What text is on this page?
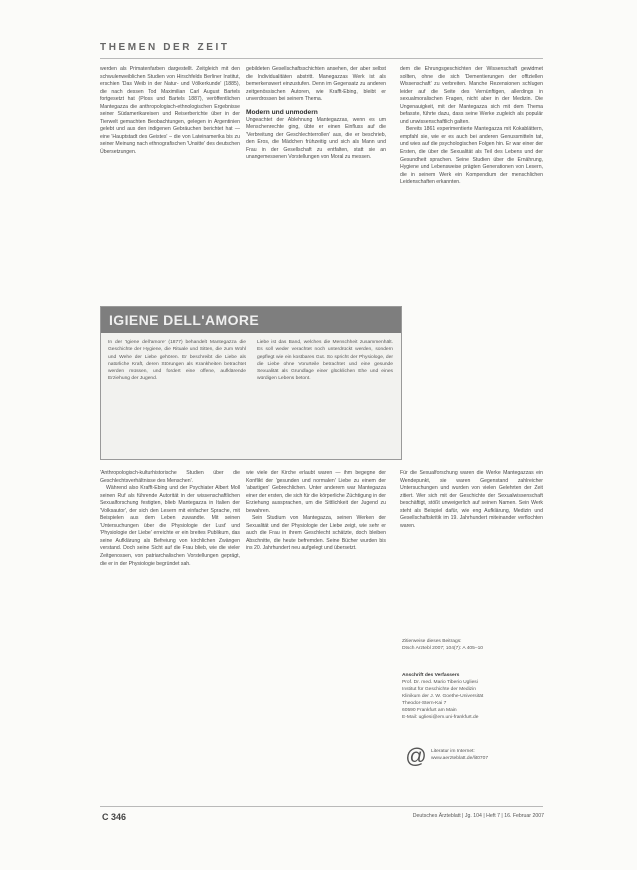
THEMEN DER ZEIT

werden als Primatenfarben dargestellt. Zeitgleich mit den schwulenweiblichen Studien von Hirschfelds Berliner Institut, erschien 'Das Weib in der Natur- und Völkerkunde' (1885), die nach dessen Tod Maximilian Carl August Bartels fortgesetzt hat (Ploss und Bartels 1887), veröffentlichen Mantegazza die anthropologisch-ethnologischen Ergebnisse seiner Südamerikareisen und Reiserberichte über in der Tierwelt gemachten Beobachtungen, gelegen in Argentinien gelebt und aus den indigenen Gebräuchen berichtet hat — eine 'Hauptstadt des Geistes' – die von Lateinamerika bis zu seiner Meinung nach ethnografischen 'Unsitte' des deutschen Übersetzungen.

gebildeten Gesellschaftsschichten ansehen, der aber selbst die Individualitäten abstritt. Manegazzas Werk ist als bemerkenswert einzustufen. Denn im Gegensatz zu anderen zeitgenössischen Autoren, wie Krafft-Ebing, bleibt er unverdrossen bei seinem Thema.

Modern und unmodern

Ungeachtet der Ablehnung Mantegazzas, wenn es um Menschenrechte ging, übte er einen Einfluss auf die 'Verbreitung der Geschlechterrollen' aus, die er beschrieb, den Eros, die Mädchen frühzeitig und sich als Mann und Frau in der Gesellschaft zu entfalten, statt sie an unangemessenen Vorstellungen von Moral zu messen.

dem die Ehrungsgeschichten der Wissenschaft gewidmet sollten, ohne die sich 'Dementierungen der offiziellen Wissenschaft' zu verbreiten. Manche Rezensionen schlugen leider auf die Seite des Vernünftigen, allerdings in sexualmoralischen Fragen, nicht aber in der Medizin. Die Ungenauigkeit, mit der Mantegazza sich mit dem Thema befasste, führte dazu, dass seine Werke zugleich als populär und unwissenschaftlich galten.

Bereits 1861 experimentierte Mantegazza mit Kokablättern, empfahl sie, wie er es auch bei anderen Genussmitteln tat, und wies auf die psychologischen Folgen hin. Er war einer der Ersten, die über die Sexualität als Teil des Lebens und der Gesundheit sprachen. Seine Studien über die Ernährung, Hygiene und Lebensweise prägten Generationen von Lesern, die in seinem Werk ein Kompendium der menschlichen Leidenschaften erkannten.

IGIENE DELL'AMORE
In der 'Igiene dell'amore' (1877) behandelt Mantegazza die Geschichte der Hygiene, die Rituale und Sitten, die zum Wohl und Wehe der Liebe gehören. Er beschreibt die Liebe als natürliche Kraft, deren Störungen als Krankheiten betrachtet werden müssen, und fordert eine offene, aufklärende Erziehung der Jugend.
Liebe ist das Band, welches die Menschheit zusammenhält. Es soll weder verachtet noch unterdrückt werden, sondern gepflegt wie ein kostbares Gut. So spricht der Physiologe, der die Liebe ohne Vorurteile betrachtet und eine gesunde Sexualität als Grundlage einer glücklichen Ehe und eines würdigen Lebens betont.

'Anthropologisch-kulturhistorische Studien über die Geschlechtsverhältnisse des Menschen'.

Während also Krafft-Ebing und der Psychiater Albert Moll seinen Ruf als führende Autorität in der wissenschaftlichen Sexualforschung festigten, blieb Mantegazza in Italien der 'Volksautor', der sich den Lesern mit einfacher Sprache, mit Beispielen aus dem Leben zuwandte. Mit seinen 'Untersuchungen über die Physiologie der Lust' und 'Physiologie der Liebe' erreichte er ein breites Publikum, das seine Aufklärung als Befreiung von kirchlichen Zwängen verstand. Doch seine Sicht auf die Frau blieb, wie die vieler Zeitgenossen, von patriarchalischen Vorstellungen geprägt, die er in der Physiologie begründet sah.

wie viele der Kirche erlaubt waren — ihm begegne der Konflikt der 'gesunden und normalen' Liebe zu einem der 'abartigen' Gebrechlichen. Unter anderem war Mantegazza einer der ersten, die sich für die körperliche Züchtigung in der Erziehung aussprachen, um die Sittlichkeit der Jugend zu bewahren.

Sein Studium von Mantegazza, seinen Werken der Sexualität und der Physiologie der Liebe zeigt, wie sehr er auch die Frau in ihrem Geschlecht schätzte, doch bleiben Abschnitte, die heute befremden. Seine Bücher wurden bis ins 20. Jahrhundert neu aufgelegt und übersetzt.

Für die Sexualforschung waren die Werke Mantegazzas ein Wendepunkt, sie waren Gegenstand zahlreicher Untersuchungen und wurden von vielen Gelehrten der Zeit zitiert. Wer sich mit der Geschichte der Sexualwissenschaft beschäftigt, stößt unweigerlich auf seinen Namen. Sein Werk steht als Beispiel dafür, wie eng Aufklärung, Medizin und Gesellschaftskritik im 19. Jahrhundert miteinander verflochten waren.

Zitierweise dieses Beitrags:
Dtsch Arztebl 2007; 104(7): A 405–10
Anschrift des Verfassers
Prof. Dr. med. Mario Tiberio Ugliesi
Institut für Geschichte der Medizin
Klinikum der J. W. Goethe-Universität
Theodor-Stern-Kai 7
60590 Frankfurt am Main
E-Mail: ugliesi@em.uni-frankfurt.de
@ Literatur im Internet:
www.aerzteblatt.de/lit0707
C 346	Deutsches Ärzteblatt | Jg. 104 | Heft 7 | 16. Februar 2007
